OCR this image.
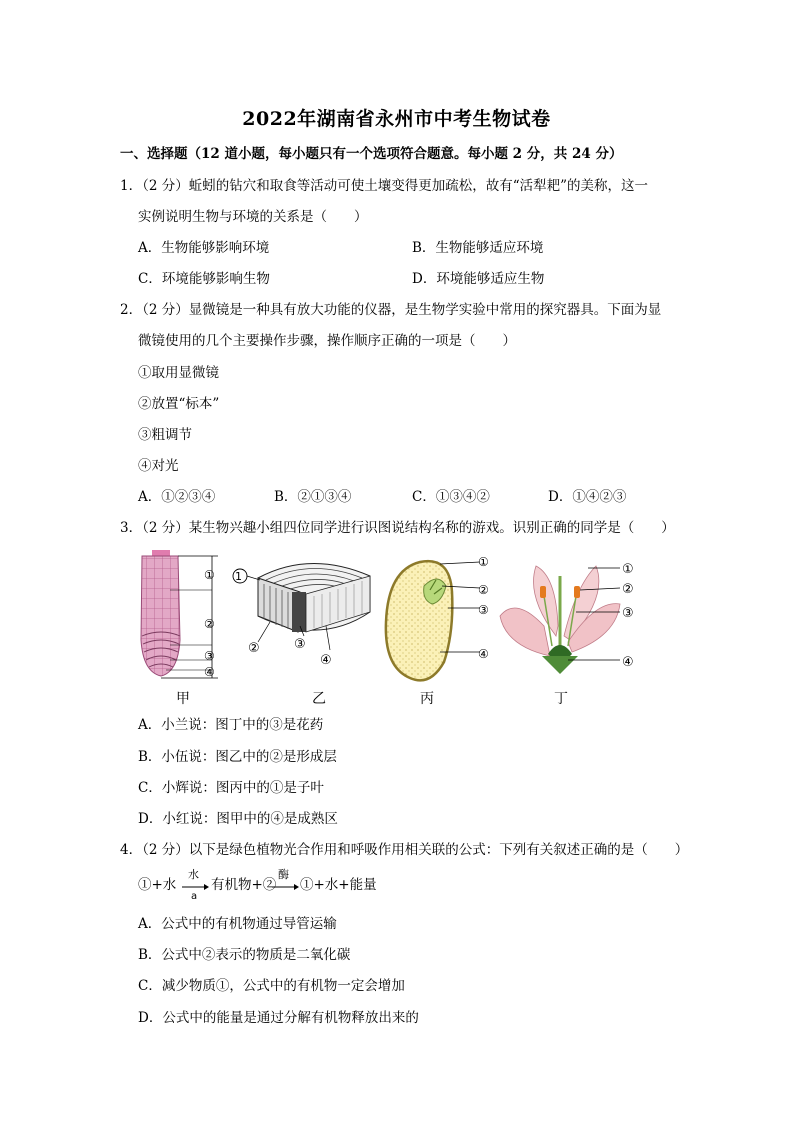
2022年湖南省永州市中考生物试卷
一、选择题（12 道小题，每小题只有一个选项符合题意。每小题 2 分，共 24 分）
1．（2 分）蚯蚓的钻穴和取食等活动可使土壤变得更加疏松，故有“活犁耙”的美称，这一
实例说明生物与环境的关系是（　　）
A．生物能够影响环境	B．生物能够适应环境
C．环境能够影响生物	D．环境能够适应生物
2．（2 分）显微镜是一种具有放大功能的仪器，是生物学实验中常用的探究器具。下面为显
微镜使用的几个主要操作步骤，操作顺序正确的一项是（　　）
①取用显微镜
②放置“标本”
③粗调节
④对光
A．①②③④	B．②①③④	C．①③④②	D．①④②③
3．（2 分）某生物兴趣小组四位同学进行识图说结构名称的游戏。识别正确的同学是（　　）
①
②
③
④
甲
1
②	③
④
乙
①
②
③
④
丙
①
②
③
④
丁
A．小兰说：图丁中的③是花药
B．小伍说：图乙中的②是形成层
C．小辉说：图丙中的①是子叶
D．小红说：图甲中的④是成熟区
4．（2 分）以下是绿色植物光合作用和呼吸作用相关联的公式：下列有关叙述正确的是（　　）
①+水
水
a
有机物+②
酶
①+水+能量
A．公式中的有机物通过导管运输
B．公式中②表示的物质是二氧化碳
C．减少物质①，公式中的有机物一定会增加
D．公式中的能量是通过分解有机物释放出来的
